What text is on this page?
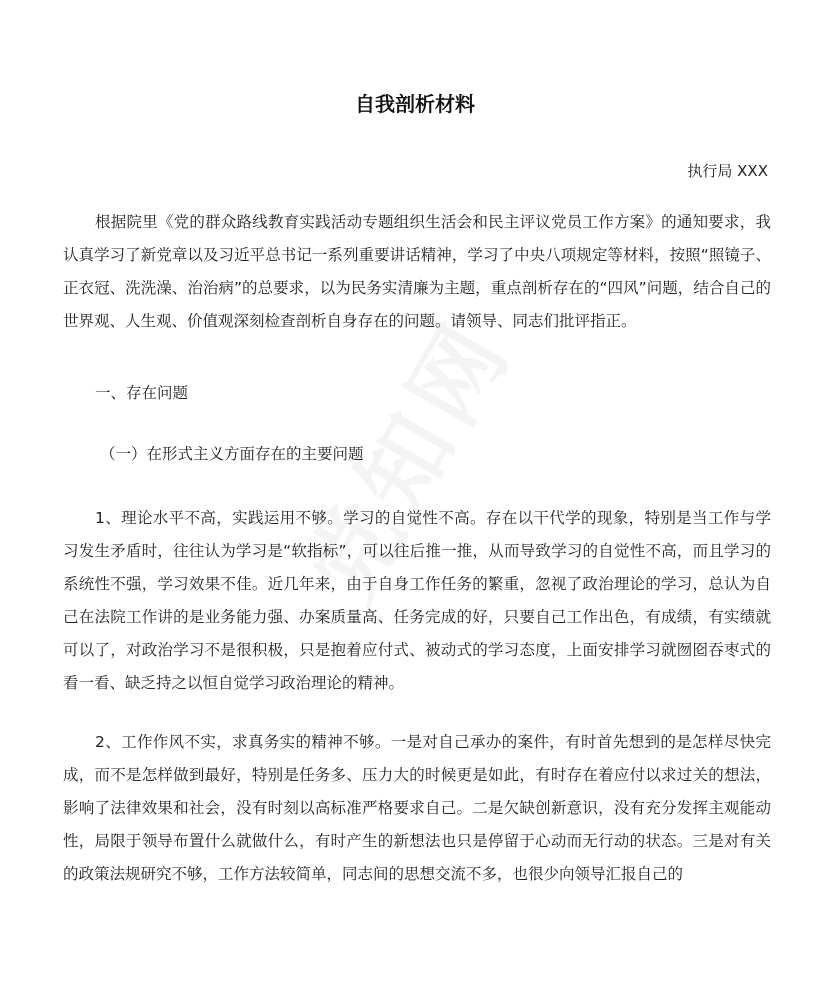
自我剖析材料
执行局 XXX

根据院里《党的群众路线教育实践活动专题组织生活会和民主评议党员工作方案》的通知要求，我认真学习了新党章以及习近平总书记一系列重要讲话精神，学习了中央八项规定等材料，按照“照镜子、正衣冠、洗洗澡、治治病”的总要求，以为民务实清廉为主题，重点剖析存在的“四风”问题，结合自己的世界观、人生观、价值观深刻检查剖析自身存在的问题。请领导、同志们批评指正。

一、存在问题
（一）在形式主义方面存在的主要问题

1、理论水平不高，实践运用不够。学习的自觉性不高。存在以干代学的现象，特别是当工作与学习发生矛盾时，往往认为学习是“软指标”，可以往后推一推，从而导致学习的自觉性不高，而且学习的系统性不强，学习效果不佳。近几年来，由于自身工作任务的繁重，忽视了政治理论的学习，总认为自己在法院工作讲的是业务能力强、办案质量高、任务完成的好，只要自己工作出色，有成绩，有实绩就可以了，对政治学习不是很积极，只是抱着应付式、被动式的学习态度，上面安排学习就囫囵吞枣式的看一看、缺乏持之以恒自觉学习政治理论的精神。

2、工作作风不实，求真务实的精神不够。一是对自己承办的案件，有时首先想到的是怎样尽快完成，而不是怎样做到最好，特别是任务多、压力大的时候更是如此，有时存在着应付以求过关的想法，影响了法律效果和社会，没有时刻以高标准严格要求自己。二是欠缺创新意识，没有充分发挥主观能动性，局限于领导布置什么就做什么，有时产生的新想法也只是停留于心动而无行动的状态。三是对有关的政策法规研究不够，工作方法较简单，同志间的思想交流不多，也很少向领导汇报自己的
